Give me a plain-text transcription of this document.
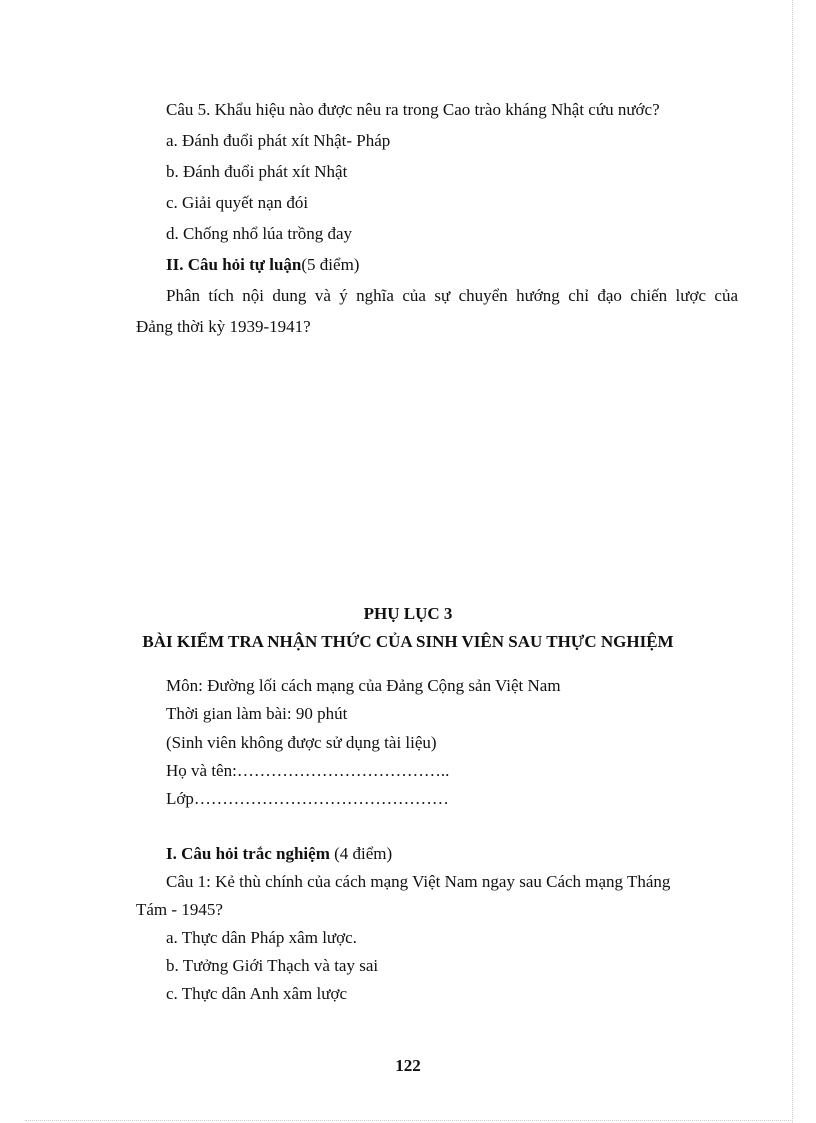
Câu 5. Khẩu hiệu nào được nêu ra trong Cao trào kháng Nhật cứu nước?
a. Đánh đuổi phát xít Nhật- Pháp
b. Đánh đuổi phát xít Nhật
c. Giải quyết nạn đói
d. Chống nhổ lúa trồng đay
II. Câu hỏi tự luận(5 điểm)
Phân tích nội dung và ý nghĩa của sự chuyển hướng chỉ đạo chiến lược của
Đảng thời kỳ 1939-1941?
PHỤ LỤC 3
BÀI KIỂM TRA NHẬN THỨC CỦA SINH VIÊN SAU THỰC NGHIỆM
Môn: Đường lối cách mạng của Đảng Cộng sản Việt Nam
Thời gian làm bài: 90 phút
(Sinh viên không được sử dụng tài liệu)
Họ và tên:………………………………..
Lớp………………………………………
I. Câu hỏi trắc nghiệm (4 điểm)
Câu 1: Kẻ thù chính của cách mạng Việt Nam ngay sau Cách mạng Tháng
Tám - 1945?
a. Thực dân Pháp xâm lược.
b. Tưởng Giới Thạch và tay sai
c. Thực dân Anh xâm lược
122
